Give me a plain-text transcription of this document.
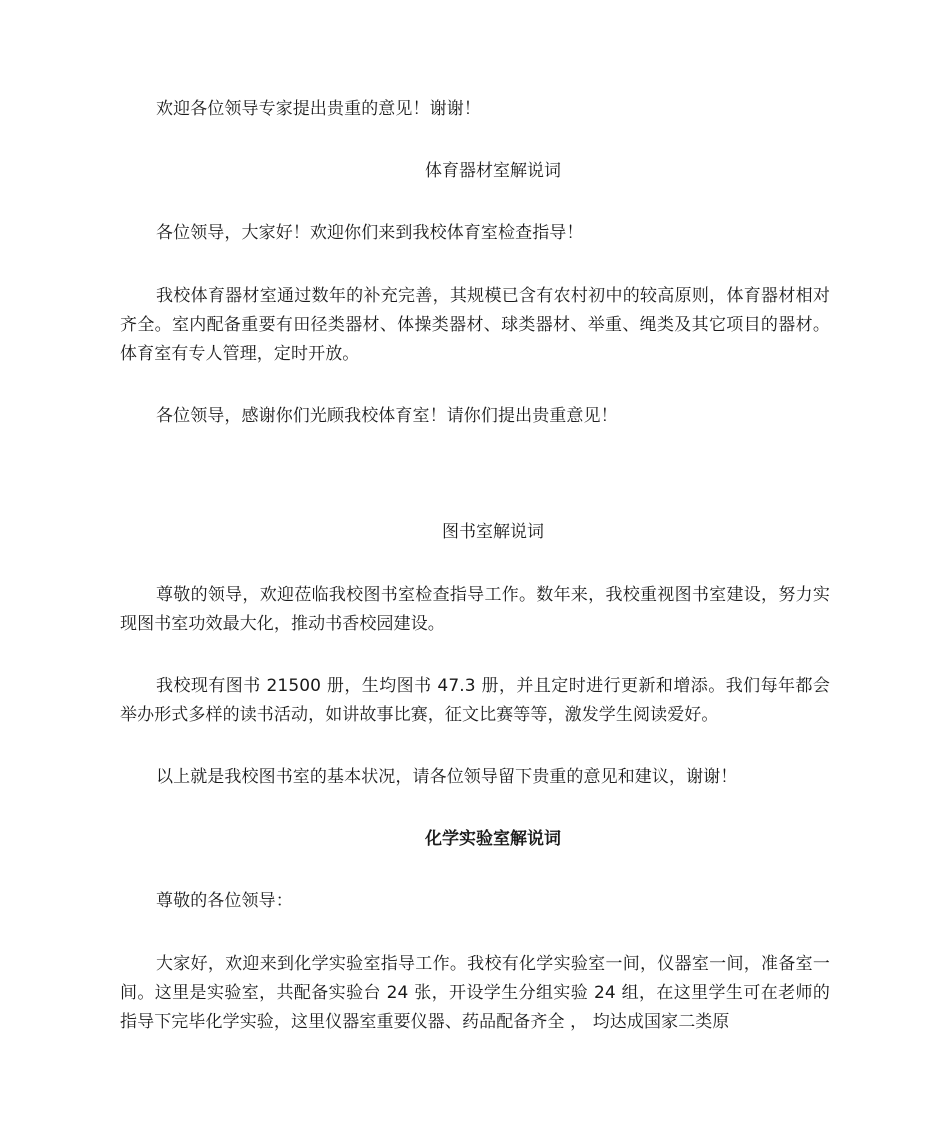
欢迎各位领导专家提出贵重的意见！谢谢！

体育器材室解说词

各位领导，大家好！欢迎你们来到我校体育室检查指导！

我校体育器材室通过数年的补充完善，其规模已含有农村初中的较高原则，体育器材相对齐全。室内配备重要有田径类器材、体操类器材、球类器材、举重、绳类及其它项目的器材。体育室有专人管理，定时开放。

各位领导，感谢你们光顾我校体育室！请你们提出贵重意见！

图书室解说词

尊敬的领导，欢迎莅临我校图书室检查指导工作。数年来，我校重视图书室建设，努力实现图书室功效最大化，推动书香校园建设。

我校现有图书 21500 册，生均图书 47.3 册，并且定时进行更新和增添。我们每年都会举办形式多样的读书活动，如讲故事比赛，征文比赛等等，激发学生阅读爱好。

以上就是我校图书室的基本状况，请各位领导留下贵重的意见和建议，谢谢！

化学实验室解说词

尊敬的各位领导：

大家好，欢迎来到化学实验室指导工作。我校有化学实验室一间，仪器室一间，准备室一间。这里是实验室，共配备实验台 24 张，开设学生分组实验 24 组，在这里学生可在老师的指导下完毕化学实验，这里仪器室重要仪器、药品配备齐全 ， 均达成国家二类原
